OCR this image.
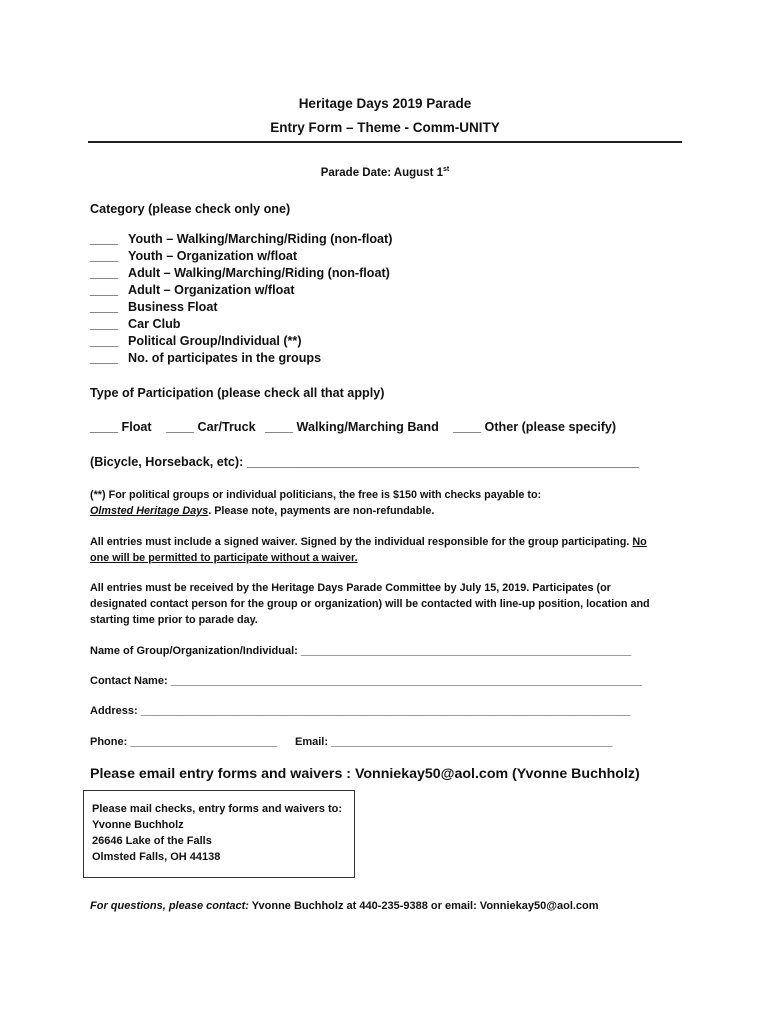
Heritage Days 2019 Parade
Entry Form – Theme - Comm-UNITY
Parade Date: August 1st
Category (please check only one)
____ Youth – Walking/Marching/Riding (non-float)
____ Youth – Organization w/float
____ Adult – Walking/Marching/Riding (non-float)
____ Adult – Organization w/float
____ Business Float
____ Car Club
____ Political Group/Individual (**)
____ No. of participates in the groups
Type of Participation (please check all that apply)
____ Float ____ Car/Truck ____ Walking/Marching Band ____ Other (please specify)
(Bicycle, Horseback, etc): ________________________________________________________
(**) For political groups or individual politicians, the free is $150 with checks payable to:
Olmsted Heritage Days. Please note, payments are non-refundable.
All entries must include a signed waiver. Signed by the individual responsible for the group participating. No
one will be permitted to participate without a waiver.
All entries must be received by the Heritage Days Parade Committee by July 15, 2019. Participates (or
designated contact person for the group or organization) will be contacted with line-up position, location and
starting time prior to parade day.
Name of Group/Organization/Individual: ______________________________________________________
Contact Name: _____________________________________________________________________________
Address: ________________________________________________________________________________
Phone: ________________________ Email: ______________________________________________
Please email entry forms and waivers : Vonniekay50@aol.com (Yvonne Buchholz)
Please mail checks, entry forms and waivers to:
Yvonne Buchholz
26646 Lake of the Falls
Olmsted Falls, OH 44138
For questions, please contact: Yvonne Buchholz at 440-235-9388 or email: Vonniekay50@aol.com
